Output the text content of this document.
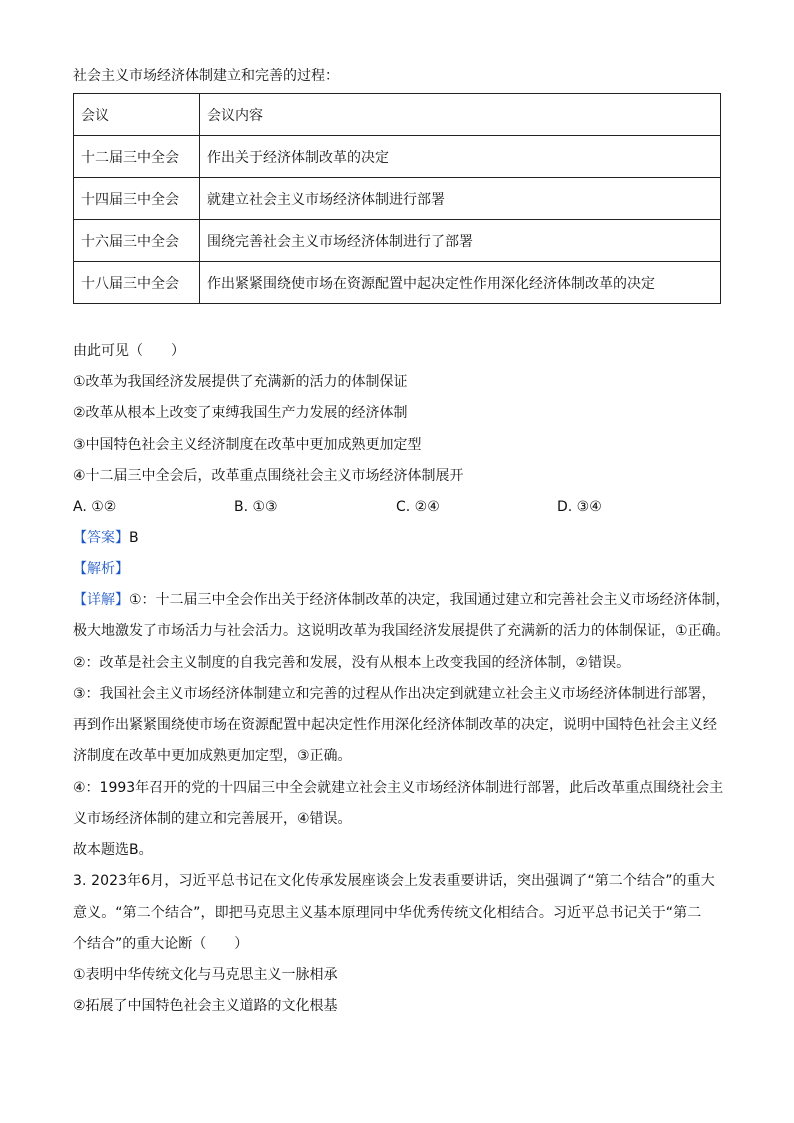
社会主义市场经济体制建立和完善的过程：
会议	会议内容
十二届三中全会	作出关于经济体制改革的决定
十四届三中全会	就建立社会主义市场经济体制进行部署
十六届三中全会	围绕完善社会主义市场经济体制进行了部署
十八届三中全会	作出紧紧围绕使市场在资源配置中起决定性作用深化经济体制改革的决定
由此可见（　　）
①改革为我国经济发展提供了充满新的活力的体制保证
②改革从根本上改变了束缚我国生产力发展的经济体制
③中国特色社会主义经济制度在改革中更加成熟更加定型
④十二届三中全会后，改革重点围绕社会主义市场经济体制展开
A. ①②	B. ①③	C. ②④	D. ③④
【答案】B
【解析】
【详解】①：十二届三中全会作出关于经济体制改革的决定，我国通过建立和完善社会主义市场经济体制，
极大地激发了市场活力与社会活力。这说明改革为我国经济发展提供了充满新的活力的体制保证，①正确。
②：改革是社会主义制度的自我完善和发展，没有从根本上改变我国的经济体制，②错误。
③：我国社会主义市场经济体制建立和完善的过程从作出决定到就建立社会主义市场经济体制进行部署，
再到作出紧紧围绕使市场在资源配置中起决定性作用深化经济体制改革的决定，说明中国特色社会主义经
济制度在改革中更加成熟更加定型，③正确。
④：1993年召开的党的十四届三中全会就建立社会主义市场经济体制进行部署，此后改革重点围绕社会主
义市场经济体制的建立和完善展开，④错误。
故本题选B。
3. 2023年6月，习近平总书记在文化传承发展座谈会上发表重要讲话，突出强调了“第二个结合”的重大
意义。“第二个结合”，即把马克思主义基本原理同中华优秀传统文化相结合。习近平总书记关于“第二
个结合”的重大论断（　　）
①表明中华传统文化与马克思主义一脉相承
②拓展了中国特色社会主义道路的文化根基
